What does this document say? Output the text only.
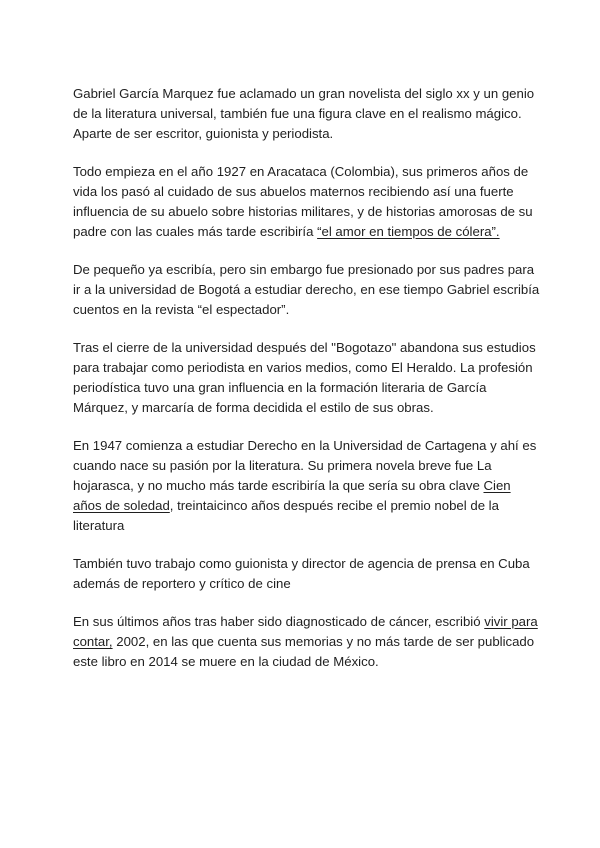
Gabriel García Marquez fue aclamado un gran novelista del siglo xx y un genio de la literatura universal, también fue una figura clave en el realismo mágico. Aparte de ser escritor, guionista y periodista.

Todo empieza en el año 1927 en Aracataca (Colombia), sus primeros años de vida los pasó al cuidado de sus abuelos maternos recibiendo así una fuerte influencia de su abuelo sobre historias militares, y de historias amorosas de su padre con las cuales más tarde escribiría “el amor en tiempos de cólera”.

De pequeño ya escribía, pero sin embargo fue presionado por sus padres para ir a la universidad de Bogotá a estudiar derecho, en ese tiempo Gabriel escribía cuentos en la revista “el espectador”.

Tras el cierre de la universidad después del "Bogotazo" abandona sus estudios para trabajar como periodista en varios medios, como El Heraldo. La profesión periodística tuvo una gran influencia en la formación literaria de García Márquez, y marcaría de forma decidida el estilo de sus obras.

En 1947 comienza a estudiar Derecho en la Universidad de Cartagena y ahí es cuando nace su pasión por la literatura. Su primera novela breve fue La hojarasca, y no mucho más tarde escribiría la que sería su obra clave Cien años de soledad, treintaicinco años después recibe el premio nobel de la literatura

También tuvo trabajo como guionista y director de agencia de prensa en Cuba además de reportero y crítico de cine

En sus últimos años tras haber sido diagnosticado de cáncer, escribió vivir para contar, 2002, en las que cuenta sus memorias y no más tarde de ser publicado este libro en 2014 se muere en la ciudad de México.
